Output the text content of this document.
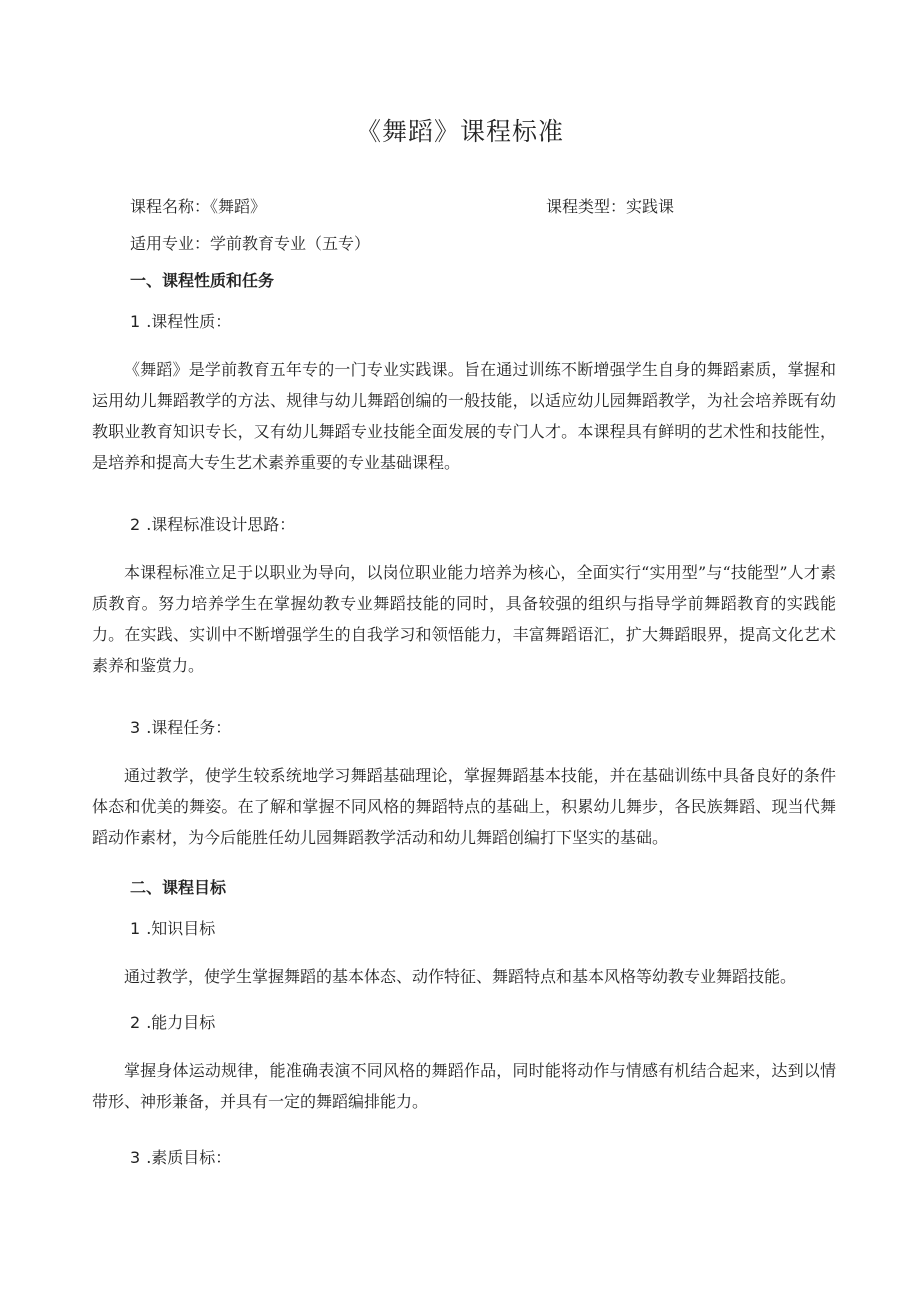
《舞蹈》课程标准
课程名称：《舞蹈》	课程类型：实践课
适用专业：学前教育专业（五专）
一、课程性质和任务
1 .课程性质：
《舞蹈》是学前教育五年专的一门专业实践课。旨在通过训练不断增强学生自身的舞蹈素质，掌握和运用幼儿舞蹈教学的方法、规律与幼儿舞蹈创编的一般技能，以适应幼儿园舞蹈教学，为社会培养既有幼教职业教育知识专长，又有幼儿舞蹈专业技能全面发展的专门人才。本课程具有鲜明的艺术性和技能性，是培养和提高大专生艺术素养重要的专业基础课程。
2 .课程标准设计思路：
本课程标准立足于以职业为导向，以岗位职业能力培养为核心，全面实行“实用型”与“技能型”人才素质教育。努力培养学生在掌握幼教专业舞蹈技能的同时，具备较强的组织与指导学前舞蹈教育的实践能力。在实践、实训中不断增强学生的自我学习和领悟能力，丰富舞蹈语汇，扩大舞蹈眼界，提高文化艺术素养和鉴赏力。
3 .课程任务：
通过教学，使学生较系统地学习舞蹈基础理论，掌握舞蹈基本技能，并在基础训练中具备良好的条件体态和优美的舞姿。在了解和掌握不同风格的舞蹈特点的基础上，积累幼儿舞步，各民族舞蹈、现当代舞蹈动作素材，为今后能胜任幼儿园舞蹈教学活动和幼儿舞蹈创编打下坚实的基础。
二、课程目标
1 .知识目标
通过教学，使学生掌握舞蹈的基本体态、动作特征、舞蹈特点和基本风格等幼教专业舞蹈技能。
2 .能力目标
掌握身体运动规律，能准确表演不同风格的舞蹈作品，同时能将动作与情感有机结合起来，达到以情带形、神形兼备，并具有一定的舞蹈编排能力。
3 .素质目标：
